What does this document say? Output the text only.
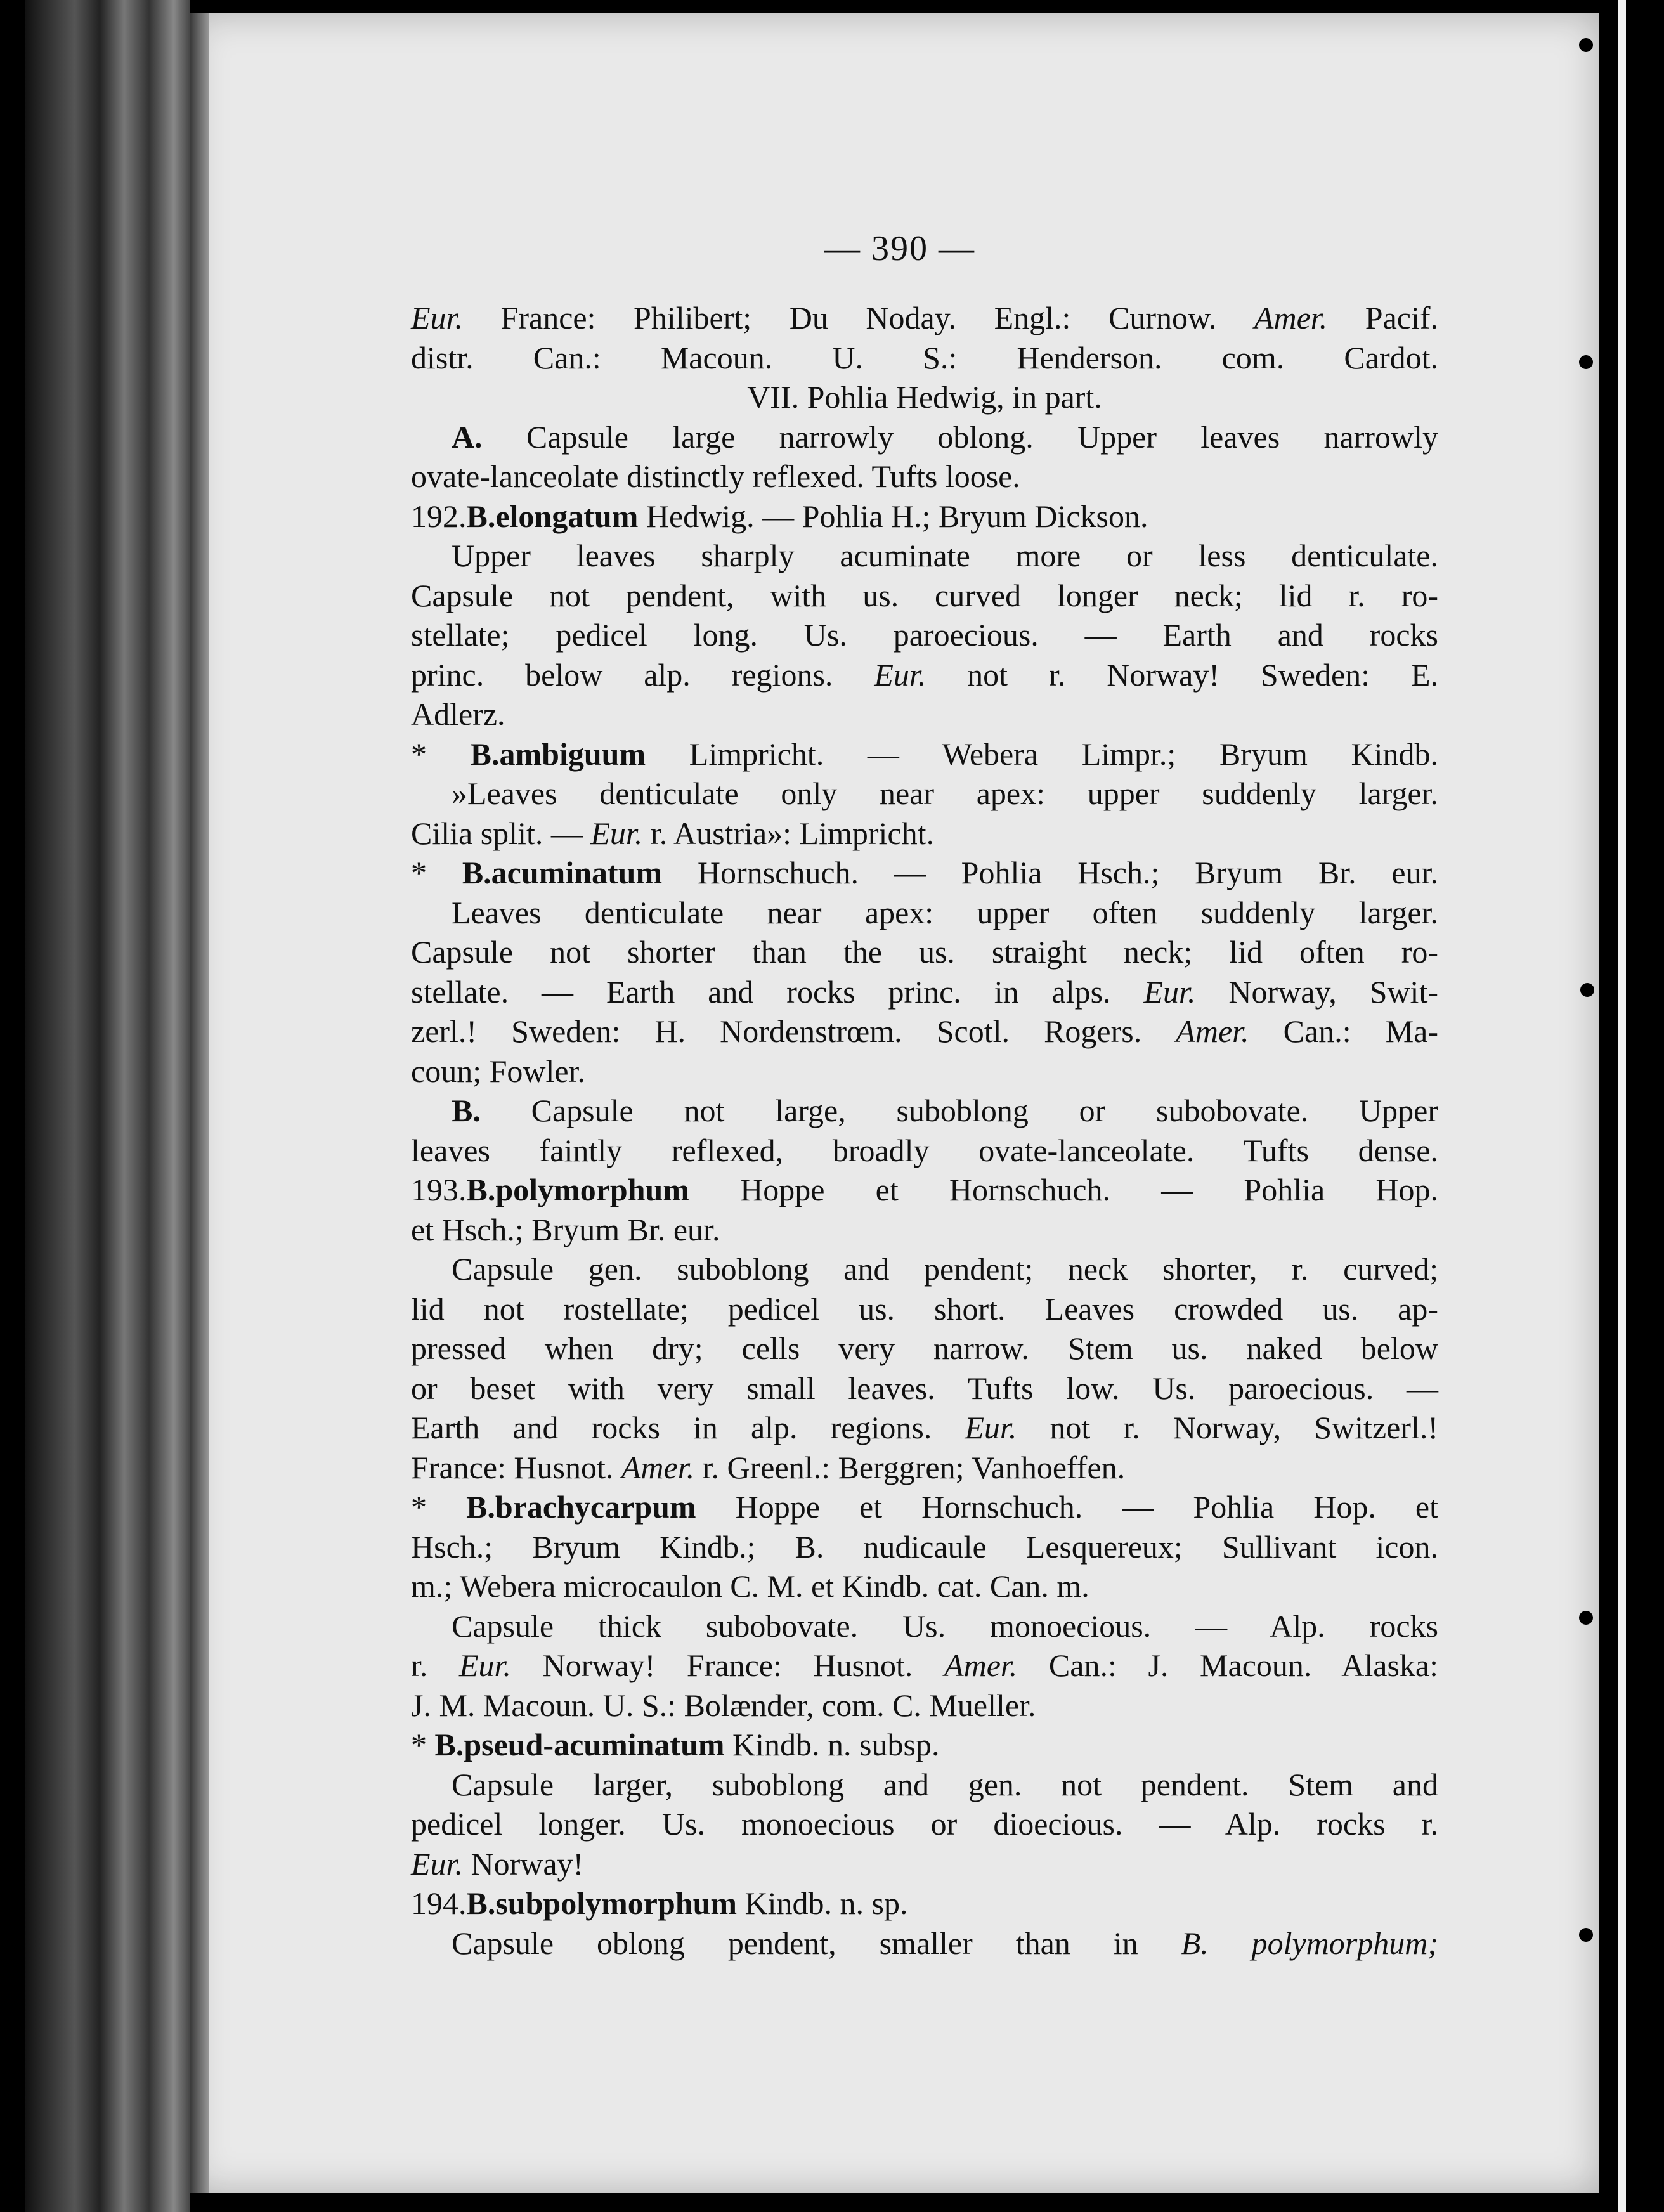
— 390 —
Eur. France: Philibert; Du Noday. Engl.: Curnow. Amer. Pacif.
distr. Can.: Macoun. U. S.: Henderson. com. Cardot.
VII. Pohlia Hedwig, in part.
A. Capsule large narrowly oblong. Upper leaves narrowly
ovate-lanceolate distinctly reflexed. Tufts loose.
192.B.elongatum Hedwig. — Pohlia H.; Bryum Dickson.
Upper leaves sharply acuminate more or less denticulate.
Capsule not pendent, with us. curved longer neck; lid r. ro-
stellate; pedicel long. Us. paroecious. — Earth and rocks
princ. below alp. regions. Eur. not r. Norway! Sweden: E.
Adlerz.
* B.ambiguum Limpricht. — Webera Limpr.; Bryum Kindb.
»Leaves denticulate only near apex: upper suddenly larger.
Cilia split. — Eur. r. Austria»: Limpricht.
* B.acuminatum Hornschuch. — Pohlia Hsch.; Bryum Br. eur.
Leaves denticulate near apex: upper often suddenly larger.
Capsule not shorter than the us. straight neck; lid often ro-
stellate. — Earth and rocks princ. in alps. Eur. Norway, Swit-
zerl.! Sweden: H. Nordenstrœm. Scotl. Rogers. Amer. Can.: Ma-
coun; Fowler.
B. Capsule not large, suboblong or subobovate. Upper
leaves faintly reflexed, broadly ovate-lanceolate. Tufts dense.
193.B.polymorphum Hoppe et Hornschuch. — Pohlia Hop.
et Hsch.; Bryum Br. eur.
Capsule gen. suboblong and pendent; neck shorter, r. curved;
lid not rostellate; pedicel us. short. Leaves crowded us. ap-
pressed when dry; cells very narrow. Stem us. naked below
or beset with very small leaves. Tufts low. Us. paroecious. —
Earth and rocks in alp. regions. Eur. not r. Norway, Switzerl.!
France: Husnot. Amer. r. Greenl.: Berggren; Vanhoeffen.
* B.brachycarpum Hoppe et Hornschuch. — Pohlia Hop. et
Hsch.; Bryum Kindb.; B. nudicaule Lesquereux; Sullivant icon.
m.; Webera microcaulon C. M. et Kindb. cat. Can. m.
Capsule thick subobovate. Us. monoecious. — Alp. rocks
r. Eur. Norway! France: Husnot. Amer. Can.: J. Macoun. Alaska:
J. M. Macoun. U. S.: Bolænder, com. C. Mueller.
* B.pseud-acuminatum Kindb. n. subsp.
Capsule larger, suboblong and gen. not pendent. Stem and
pedicel longer. Us. monoecious or dioecious. — Alp. rocks r.
Eur. Norway!
194.B.subpolymorphum Kindb. n. sp.
Capsule oblong pendent, smaller than in B. polymorphum;
